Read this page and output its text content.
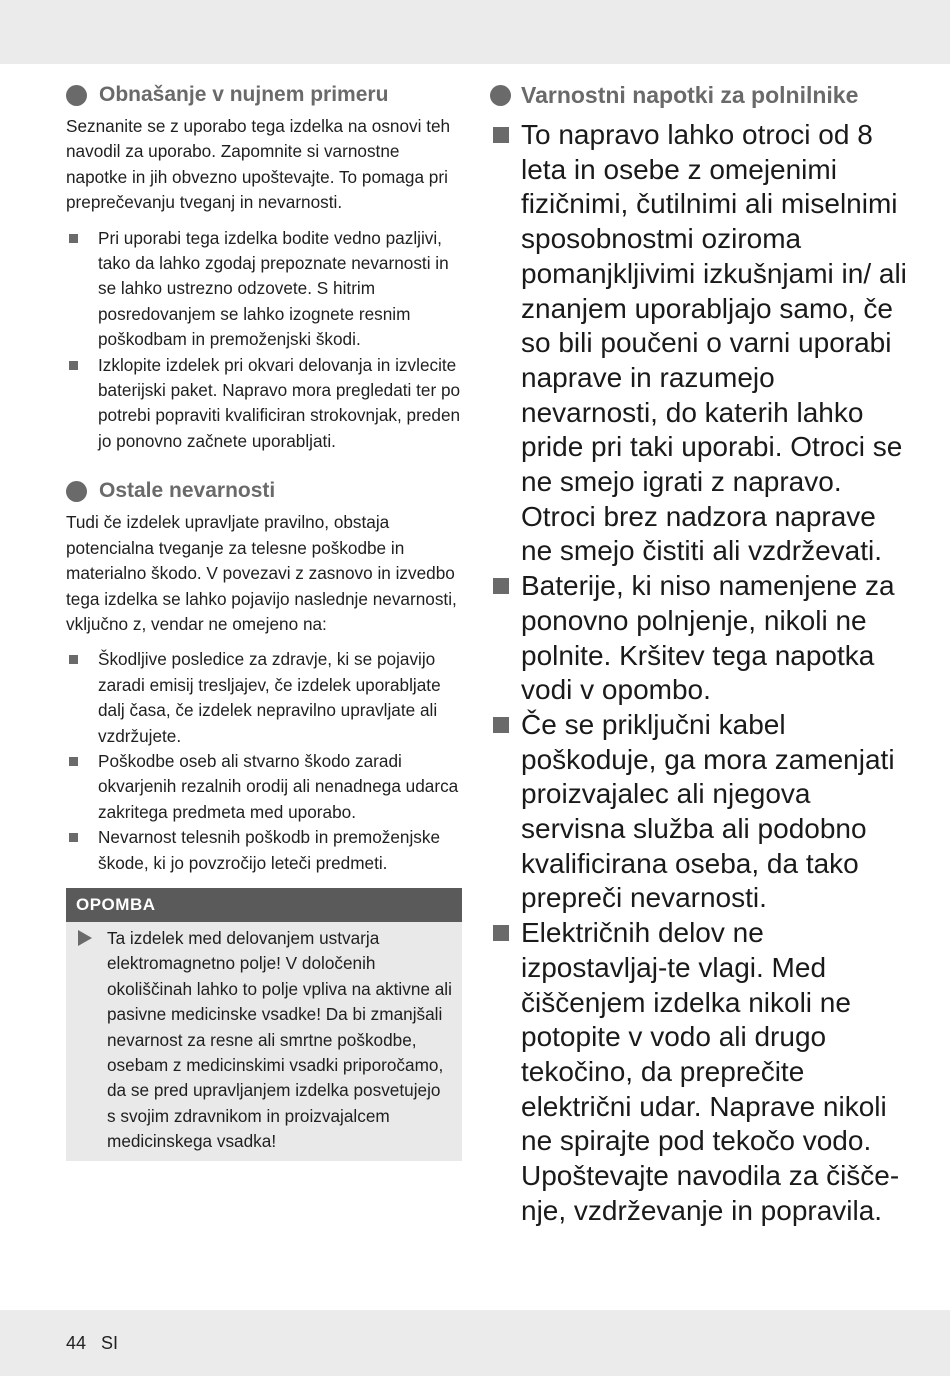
Obnašanje v nujnem primeru

Seznanite se z uporabo tega izdelka na osnovi teh navodil za uporabo. Zapomnite si varnostne napotke in jih obvezno upoštevajte. To pomaga pri preprečevanju tveganj in nevarnosti.

Pri uporabi tega izdelka bodite vedno pazljivi, tako da lahko zgodaj prepoznate nevarnosti in se lahko ustrezno odzovete. S hitrim posredovanjem se lahko izognete resnim poškodbam in premoženjski škodi.
Izklopite izdelek pri okvari delovanja in izvlecite baterijski paket. Napravo mora pregledati ter po potrebi popraviti kvalificiran strokovnjak, preden jo ponovno začnete uporabljati.
Ostale nevarnosti

Tudi če izdelek upravljate pravilno, obstaja potencialna tveganje za telesne poškodbe in materialno škodo. V povezavi z zasnovo in izvedbo tega izdelka se lahko pojavijo naslednje nevarnosti, vključno z, vendar ne omejeno na:

Škodljive posledice za zdravje, ki se pojavijo zaradi emisij tresljajev, če izdelek uporabljate dalj časa, če izdelek nepravilno upravljate ali vzdržujete.
Poškodbe oseb ali stvarno škodo zaradi okvarjenih rezalnih orodij ali nenadnega udarca zakritega predmeta med uporabo.
Nevarnost telesnih poškodb in premoženjske škode, ki jo povzročijo leteči predmeti.
OPOMBA
Ta izdelek med delovanjem ustvarja elektromagnetno polje! V določenih okoliščinah lahko to polje vpliva na aktivne ali pasivne medicinske vsadke! Da bi zmanjšali nevarnost za resne ali smrtne poškodbe, osebam z medicinskimi vsadki priporočamo, da se pred upravljanjem izdelka posvetujejo s svojim zdravnikom in proizvajalcem medicinskega vsadka!
Varnostni napotki za polnilnike
To napravo lahko otroci od 8 leta in osebe z omejenimi fizičnimi, čutilnimi ali miselnimi sposobnostmi oziroma pomanjkljivimi izkušnjami in/ ali znanjem uporabljajo samo, če so bili poučeni o varni uporabi naprave in razumejo nevarnosti, do katerih lahko pride pri taki uporabi. Otroci se ne smejo igrati z napravo. Otroci brez nadzora naprave ne smejo čistiti ali vzdrževati.
Baterije, ki niso namenjene za ponovno polnjenje, nikoli ne polnite. Kršitev tega napotka vodi v opombo.
Če se priključni kabel poškoduje, ga mora zamenjati proizvajalec ali njegova servisna služba ali podobno kvalificirana oseba, da tako prepreči nevarnosti.
Električnih delov ne izpostavljaj-te vlagi. Med čiščenjem izdelka nikoli ne potopite v vodo ali drugo tekočino, da preprečite električni udar. Naprave nikoli ne spirajte pod tekočo vodo. Upoštevajte navodila za čišče-nje, vzdrževanje in popravila.
44 SI
